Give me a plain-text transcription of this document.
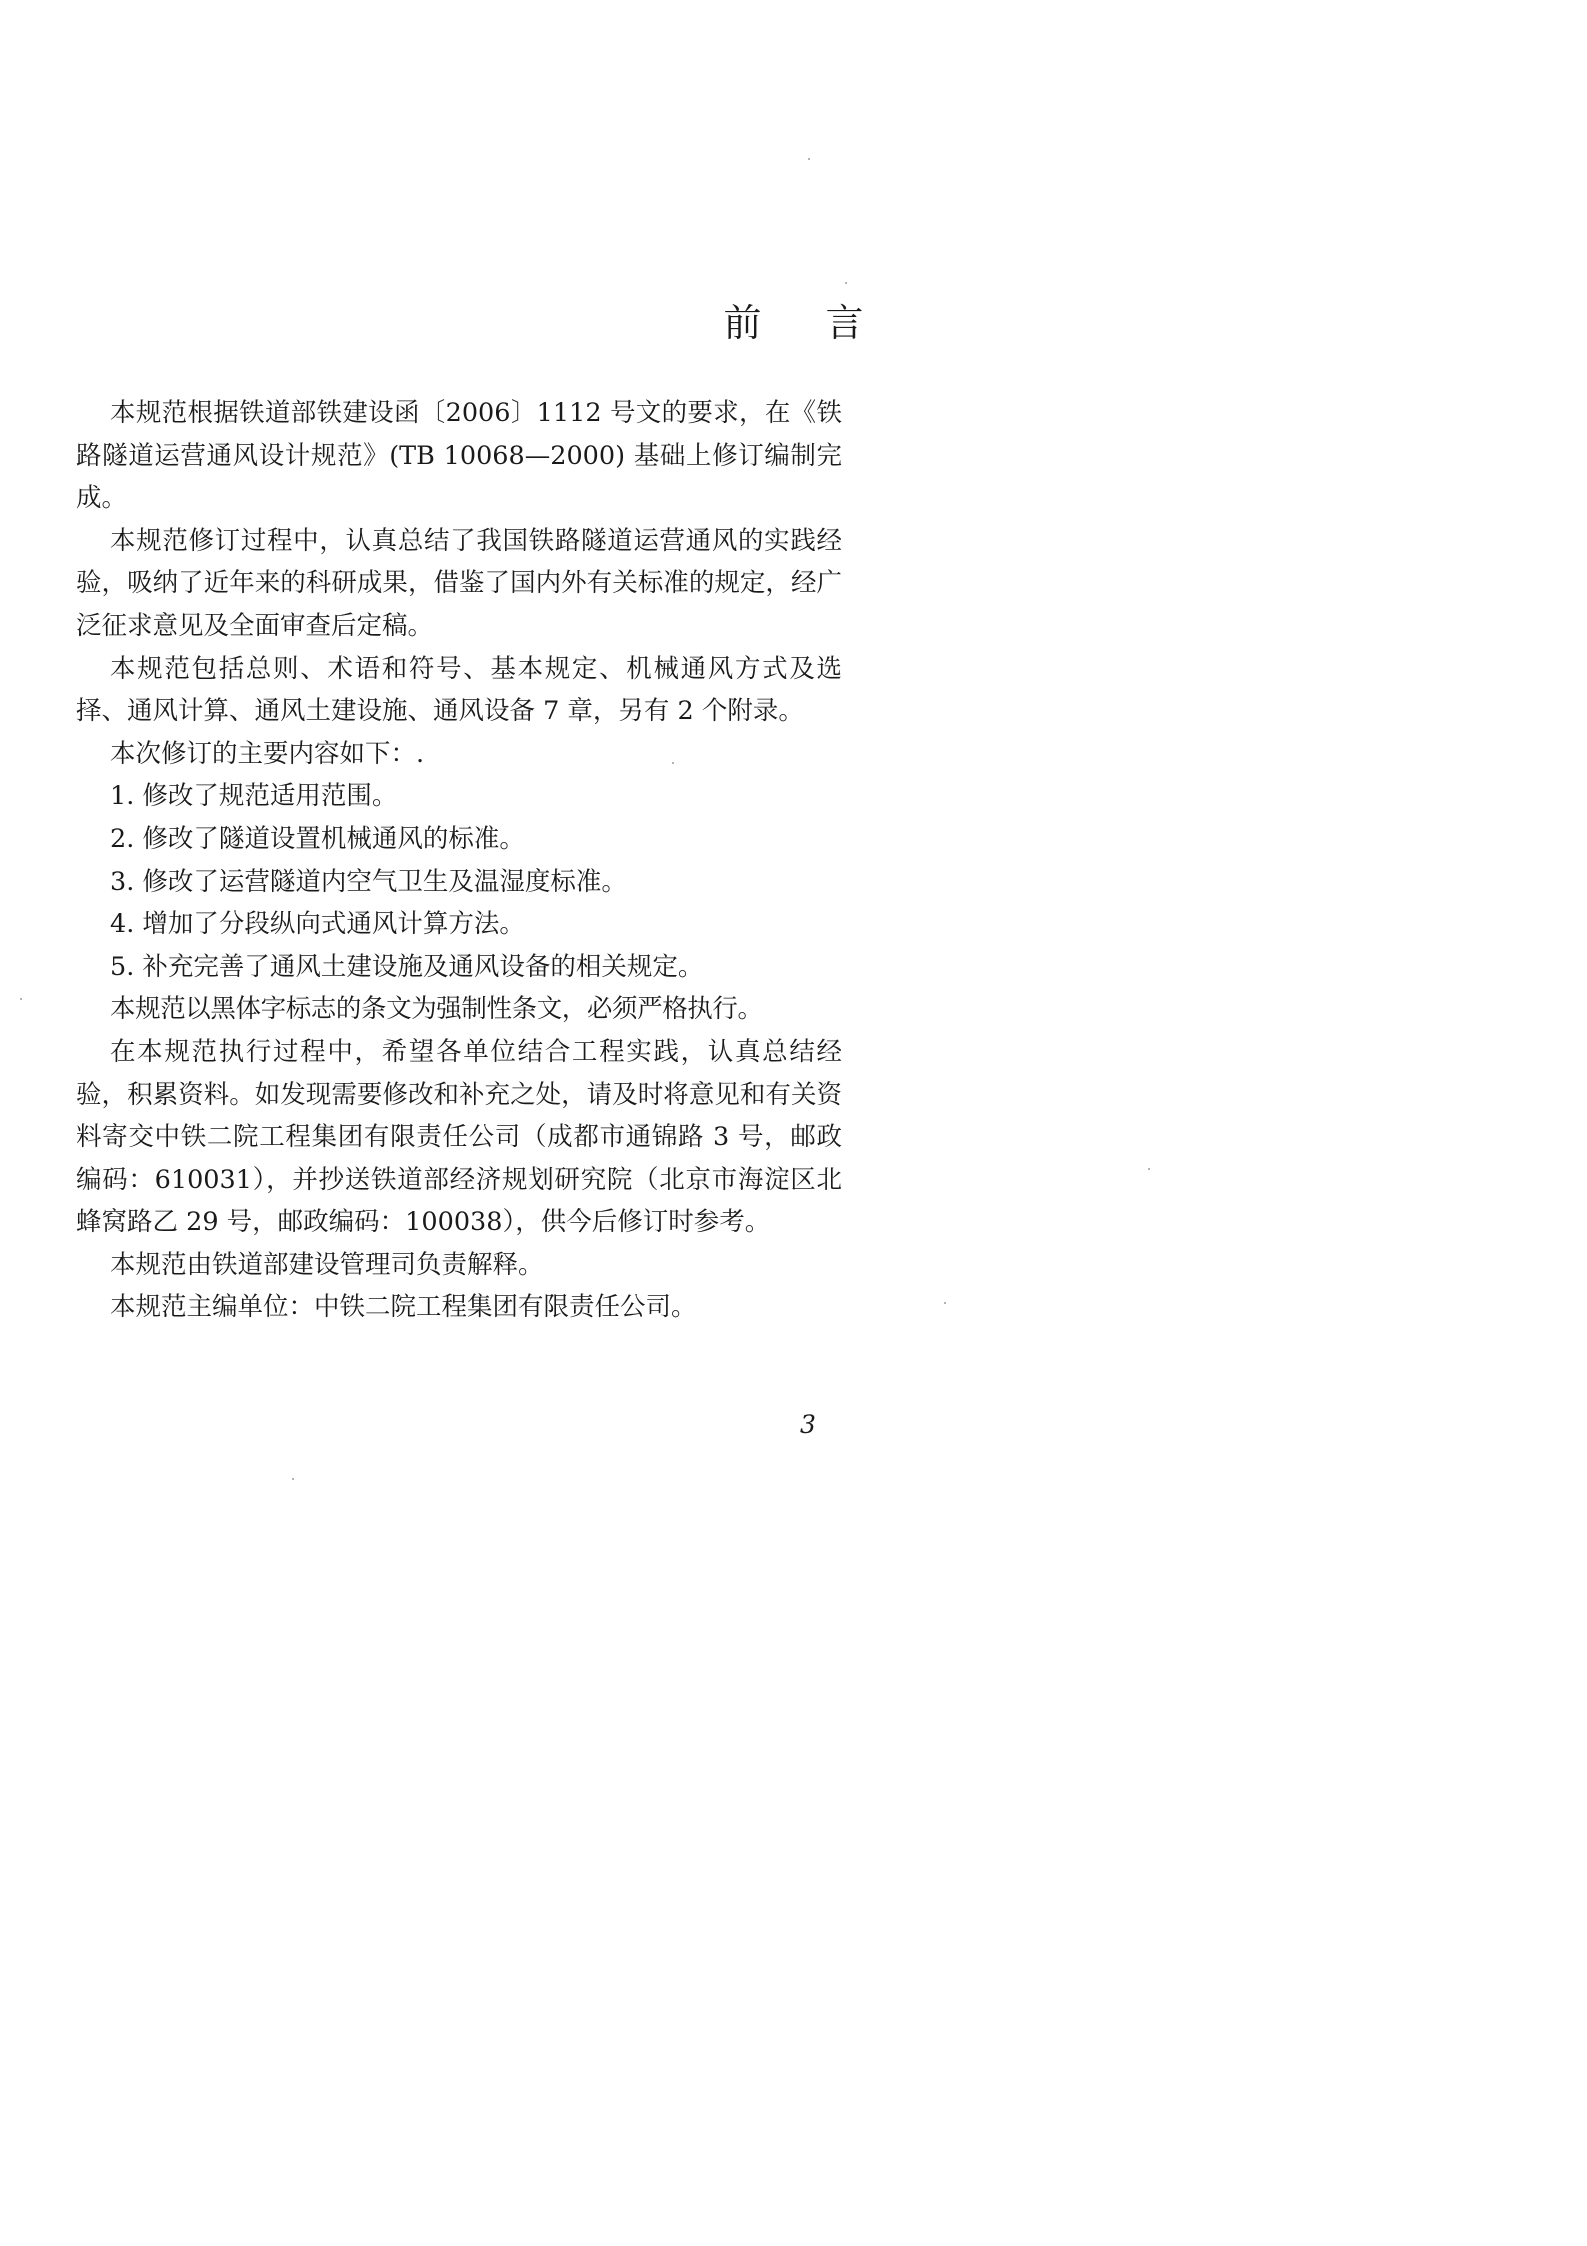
前 言

本规范根据铁道部铁建设函〔2006〕1112 号文的要求，在《铁路隧道运营通风设计规范》(TB 10068—2000) 基础上修订编制完成。

本规范修订过程中，认真总结了我国铁路隧道运营通风的实践经验，吸纳了近年来的科研成果，借鉴了国内外有关标准的规定，经广泛征求意见及全面审查后定稿。

本规范包括总则、术语和符号、基本规定、机械通风方式及选择、通风计算、通风土建设施、通风设备 7 章，另有 2 个附录。

本次修订的主要内容如下：.

1. 修改了规范适用范围。

2. 修改了隧道设置机械通风的标准。

3. 修改了运营隧道内空气卫生及温湿度标准。

4. 增加了分段纵向式通风计算方法。

5. 补充完善了通风土建设施及通风设备的相关规定。

本规范以黑体字标志的条文为强制性条文，必须严格执行。

在本规范执行过程中，希望各单位结合工程实践，认真总结经验，积累资料。如发现需要修改和补充之处，请及时将意见和有关资料寄交中铁二院工程集团有限责任公司（成都市通锦路 3 号，邮政编码：610031），并抄送铁道部经济规划研究院（北京市海淀区北蜂窝路乙 29 号，邮政编码：100038），供今后修订时参考。

本规范由铁道部建设管理司负责解释。

本规范主编单位：中铁二院工程集团有限责任公司。

3
